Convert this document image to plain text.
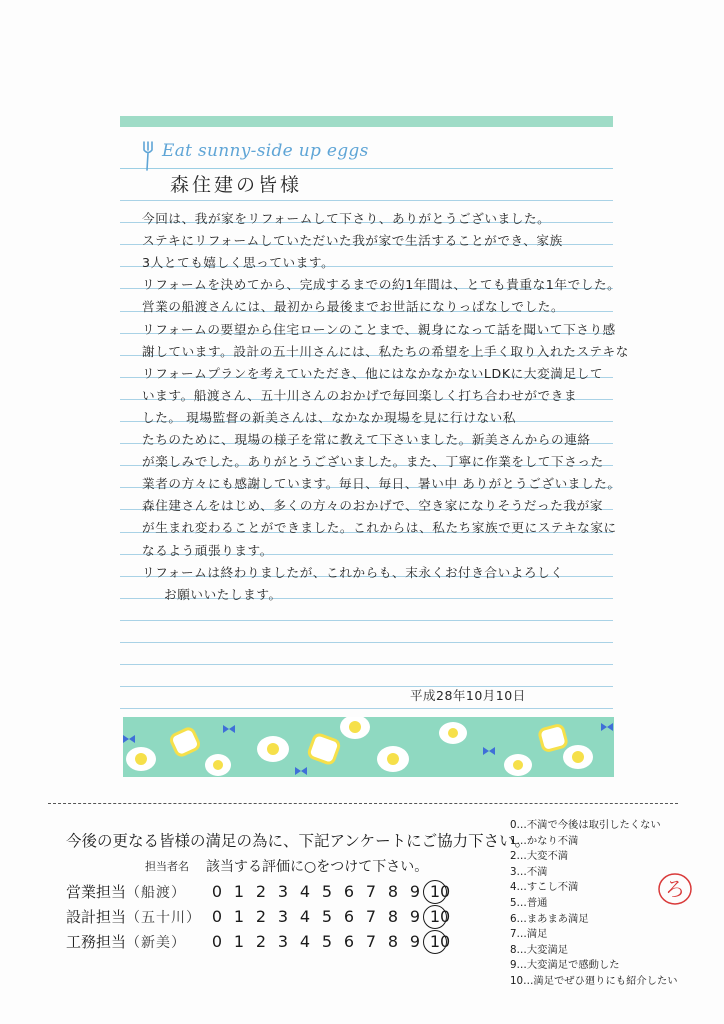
Eat sunny-side up eggs
森住建の皆様
今回は、我が家をリフォームして下さり、ありがとうございました。
ステキにリフォームしていただいた我が家で生活することができ、家族
3人とても嬉しく思っています。
リフォームを決めてから、完成するまでの約1年間は、とても貴重な1年でした。
営業の船渡さんには、最初から最後までお世話になりっぱなしでした。
リフォームの要望から住宅ローンのことまで、親身になって話を聞いて下さり感
謝しています。設計の五十川さんには、私たちの希望を上手く取り入れたステキな
リフォームプランを考えていただき、他にはなかなかないLDKに大変満足して
います。船渡さん、五十川さんのおかげで毎回楽しく打ち合わせができま
した。 現場監督の新美さんは、なかなか現場を見に行けない私
たちのために、現場の様子を常に教えて下さいました。新美さんからの連絡
が楽しみでした。ありがとうございました。また、丁寧に作業をして下さった
業者の方々にも感謝しています。毎日、毎日、暑い中 ありがとうございました。
森住建さんをはじめ、多くの方々のおかげで、空き家になりそうだった我が家
が生まれ変わることができました。これからは、私たち家族で更にステキな家に
なるよう頑張ります。
リフォームは終わりましたが、これからも、末永くお付き合いよろしく
お願いいたします。
平成28年10月10日
今後の更なる皆様の満足の為に、下記アンケートにご協力下さい。
担当者名 該当する評価に○をつけて下さい。
営業担当（船渡）	0 1 2 3 4 5 6 7 8 9 10
設計担当（五十川） 0 1 2 3 4 5 6 7 8 9 10
工務担当（新美）	0 1 2 3 4 5 6 7 8 9 10
0…不満で今後は取引したくない
1…かなり不満
2…大変不満
3…不満
4…すこし不満
5…普通
6…まあまあ満足
7…満足
8…大変満足
9…大変満足で感動した
10…満足でぜひ廻りにも紹介したい
ろ
